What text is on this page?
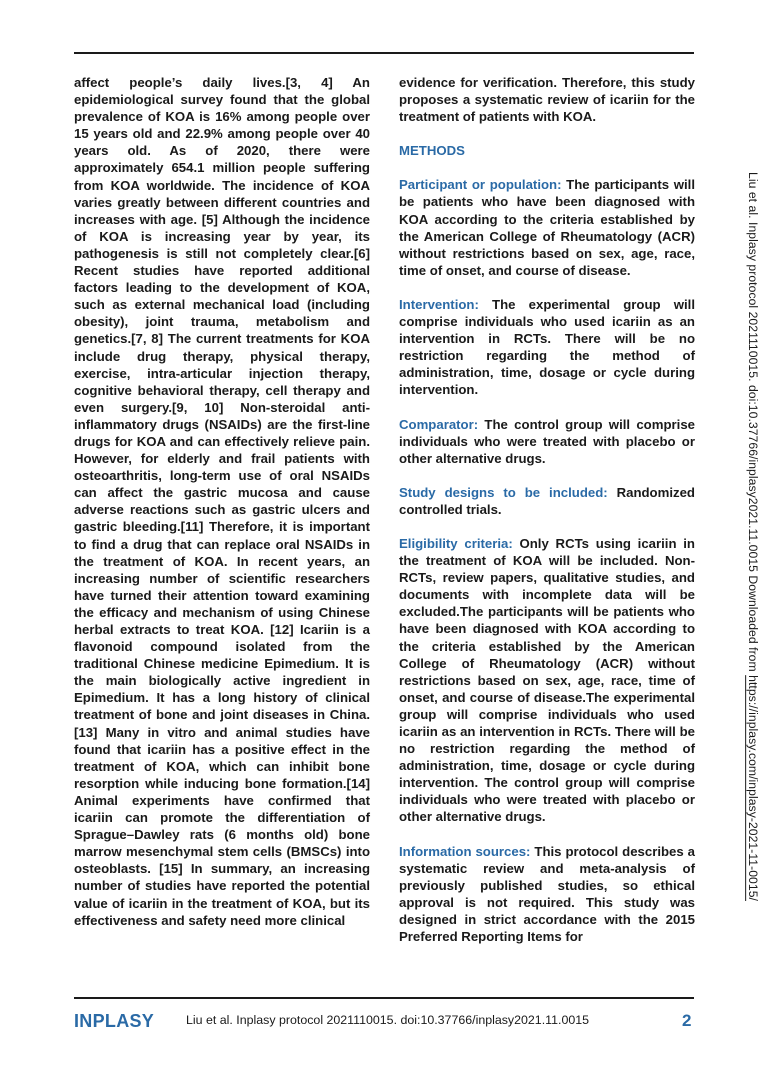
affect people’s daily lives.[3, 4] An epidemiological survey found that the global prevalence of KOA is 16% among people over 15 years old and 22.9% among people over 40 years old. As of 2020, there were approximately 654.1 million people suffering from KOA worldwide. The incidence of KOA varies greatly between different countries and increases with age. [5] Although the incidence of KOA is increasing year by year, its pathogenesis is still not completely clear.[6] Recent studies have reported additional factors leading to the development of KOA, such as external mechanical load (including obesity), joint trauma, metabolism and genetics.[7, 8] The current treatments for KOA include drug therapy, physical therapy, exercise, intra-articular injection therapy, cognitive behavioral therapy, cell therapy and even surgery.[9, 10] Non-steroidal anti-inflammatory drugs (NSAIDs) are the first-line drugs for KOA and can effectively relieve pain. However, for elderly and frail patients with osteoarthritis, long-term use of oral NSAIDs can affect the gastric mucosa and cause adverse reactions such as gastric ulcers and gastric bleeding.[11] Therefore, it is important to find a drug that can replace oral NSAIDs in the treatment of KOA. In recent years, an increasing number of scientific researchers have turned their attention toward examining the efficacy and mechanism of using Chinese herbal extracts to treat KOA. [12] Icariin is a flavonoid compound isolated from the traditional Chinese medicine Epimedium. It is the main biologically active ingredient in Epimedium. It has a long history of clinical treatment of bone and joint diseases in China.[13] Many in vitro and animal studies have found that icariin has a positive effect in the treatment of KOA, which can inhibit bone resorption while inducing bone formation.[14] Animal experiments have confirmed that icariin can promote the differentiation of Sprague–Dawley rats (6 months old) bone marrow mesenchymal stem cells (BMSCs) into osteoblasts. [15] In summary, an increasing number of studies have reported the potential value of icariin in the treatment of KOA, but its effectiveness and safety need more clinical

evidence for verification. Therefore, this study proposes a systematic review of icariin for the treatment of patients with KOA.

METHODS

Participant or population: The participants will be patients who have been diagnosed with KOA according to the criteria established by the American College of Rheumatology (ACR) without restrictions based on sex, age, race, time of onset, and course of disease.

Intervention: The experimental group will comprise individuals who used icariin as an intervention in RCTs. There will be no restriction regarding the method of administration, time, dosage or cycle during intervention.

Comparator: The control group will comprise individuals who were treated with placebo or other alternative drugs.

Study designs to be included: Randomized controlled trials.

Eligibility criteria: Only RCTs using icariin in the treatment of KOA will be included. Non-RCTs, review papers, qualitative studies, and documents with incomplete data will be excluded.The participants will be patients who have been diagnosed with KOA according to the criteria established by the American College of Rheumatology (ACR) without restrictions based on sex, age, race, time of onset, and course of disease.The experimental group will comprise individuals who used icariin as an intervention in RCTs. There will be no restriction regarding the method of administration, time, dosage or cycle during intervention. The control group will comprise individuals who were treated with placebo or other alternative drugs.

Information sources: This protocol describes a systematic review and meta-analysis of previously published studies, so ethical approval is not required. This study was designed in strict accordance with the 2015 Preferred Reporting Items for

Liu et al. Inplasy protocol 2021110015. doi:10.37766/inplasy2021.11.0015 Downloaded from https://inplasy.com/inplasy-2021-11-0015/
INPLASY	Liu et al. Inplasy protocol 2021110015. doi:10.37766/inplasy2021.11.0015	2
